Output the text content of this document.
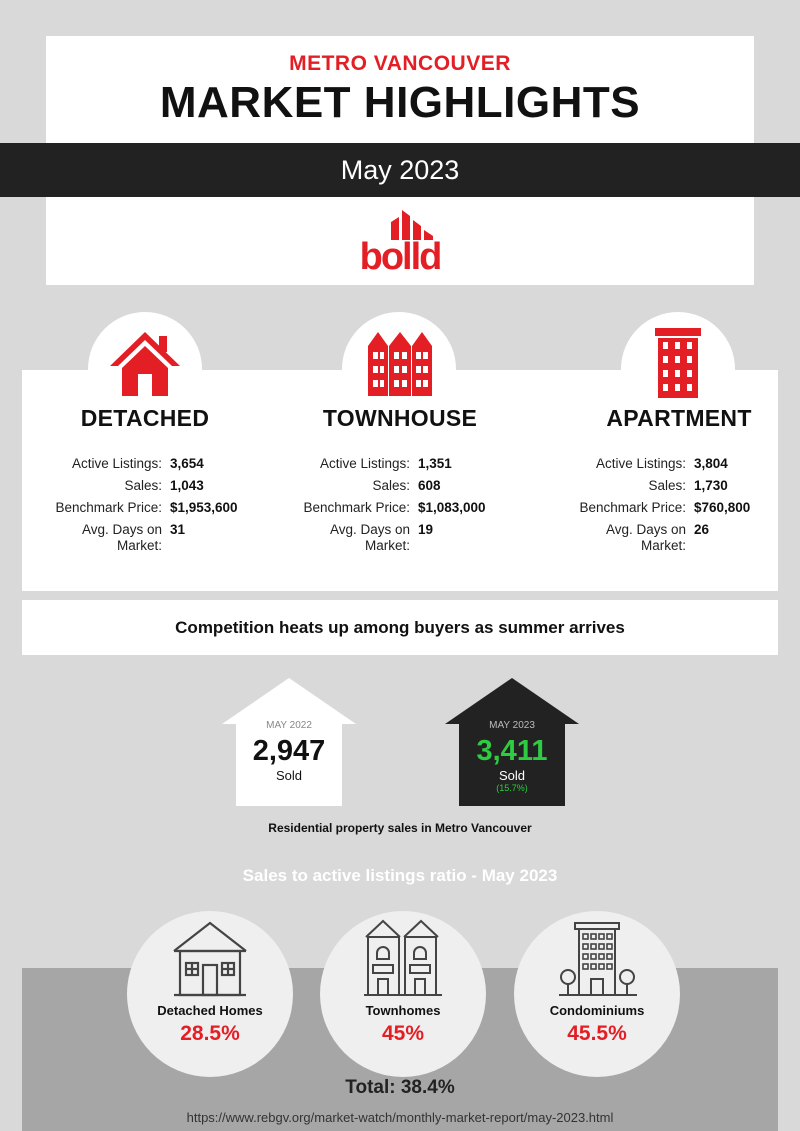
METRO VANCOUVER
MARKET HIGHLIGHTS
May 2023
bolld
DETACHED
Active Listings: 3,654
Sales: 1,043
Benchmark Price: $1,953,600
Avg. Days on Market:
31
TOWNHOUSE
Active Listings: 1,351
Sales: 608
Benchmark Price: $1,083,000
Avg. Days on Market:
19
APARTMENT
Active Listings: 3,804
Sales: 1,730
Benchmark Price: $760,800
Avg. Days on Market:
26
Competition heats up among buyers as summer arrives
MAY 2022
2,947
Sold
MAY 2023
3,411
Sold
(15.7%)
Residential property sales in Metro Vancouver
Sales to active listings ratio - May 2023
Detached Homes
28.5%
Townhomes
45%
Condominiums
45.5%
Total: 38.4%
https://www.rebgv.org/market-watch/monthly-market-report/may-2023.html
